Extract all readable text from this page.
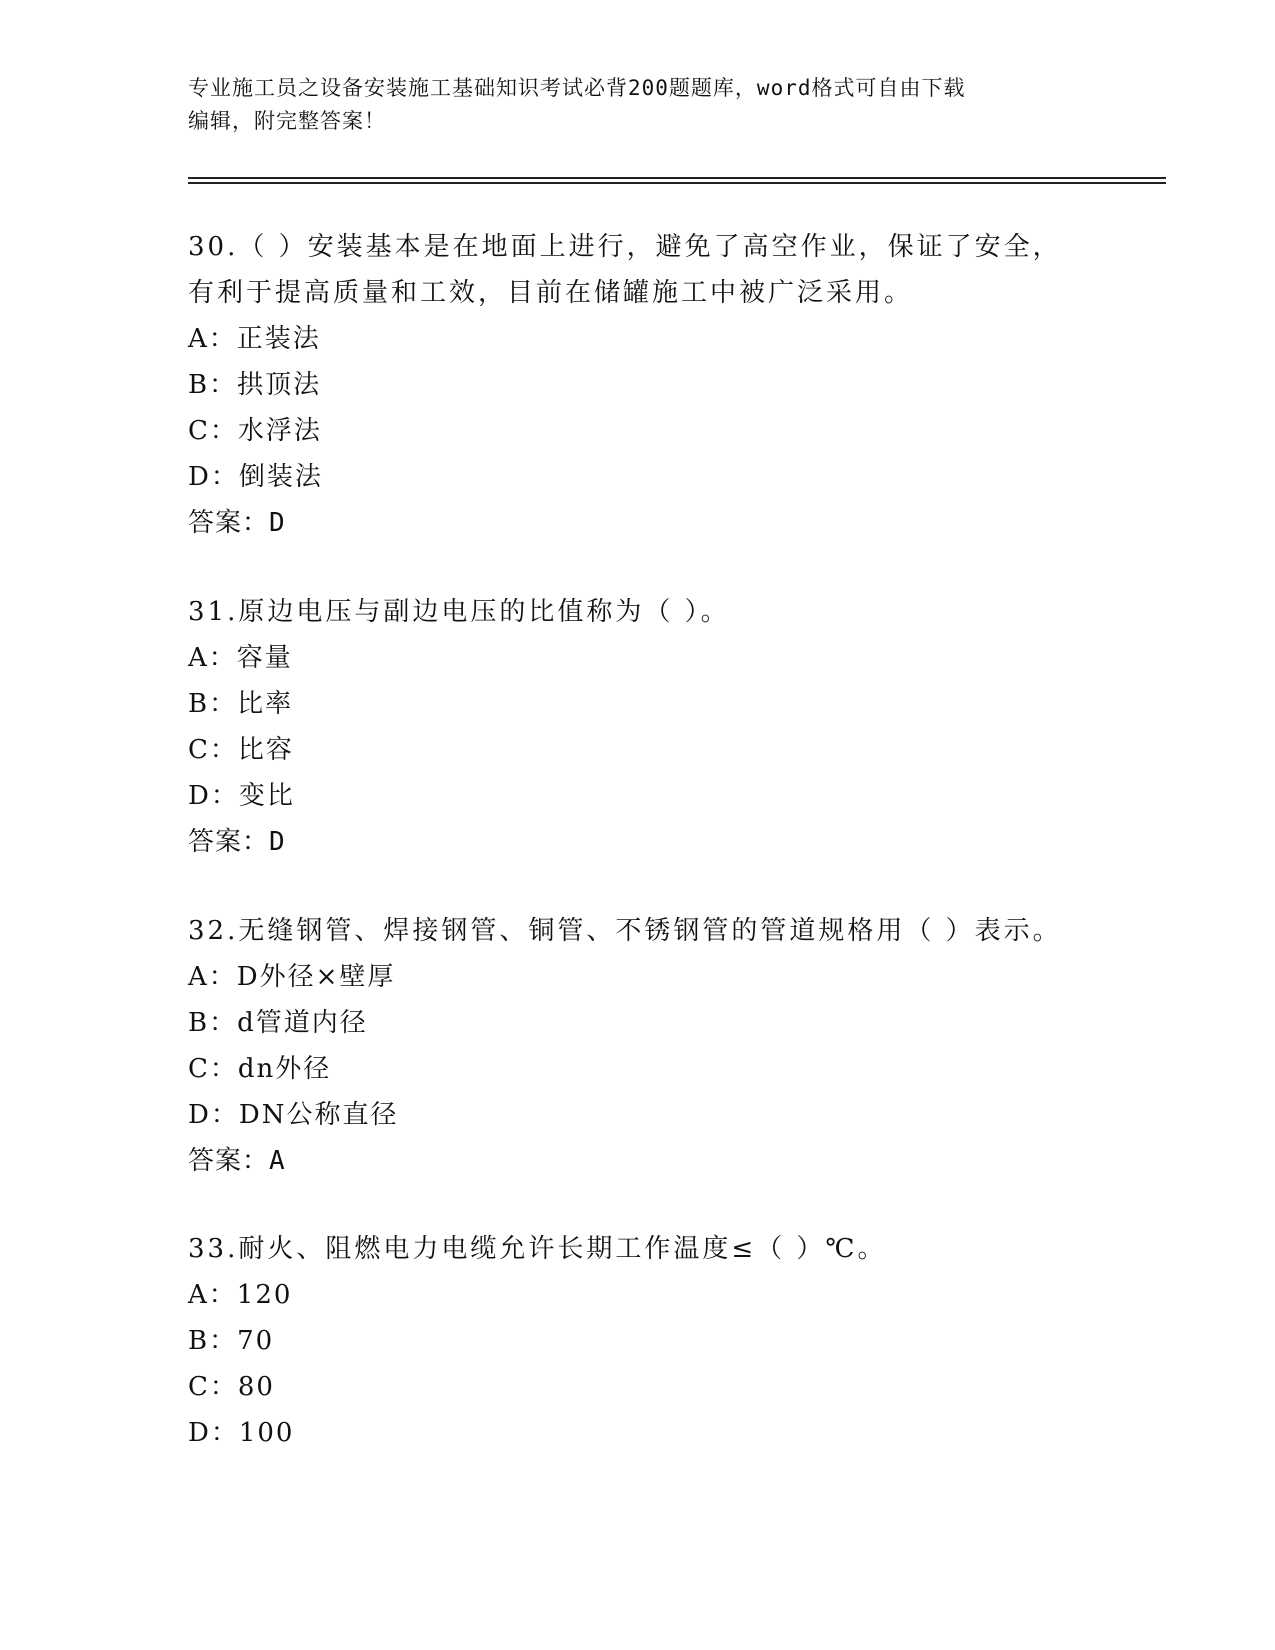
专业施工员之设备安装施工基础知识考试必背200题题库，word格式可自由下载
编辑，附完整答案！
30.（ ）安装基本是在地面上进行，避免了高空作业，保证了安全，
有利于提高质量和工效，目前在储罐施工中被广泛采用。
A：正装法
B：拱顶法
C：水浮法
D：倒装法
答案：D
31.原边电压与副边电压的比值称为（ ）。
A：容量
B：比率
C：比容
D：变比
答案：D
32.无缝钢管、焊接钢管、铜管、不锈钢管的管道规格用（ ）表示。
A：D外径×壁厚
B：d管道内径
C：dn外径
D：DN公称直径
答案：A
33.耐火、阻燃电力电缆允许长期工作温度≤（ ）℃。
A：120
B：70
C：80
D：100
